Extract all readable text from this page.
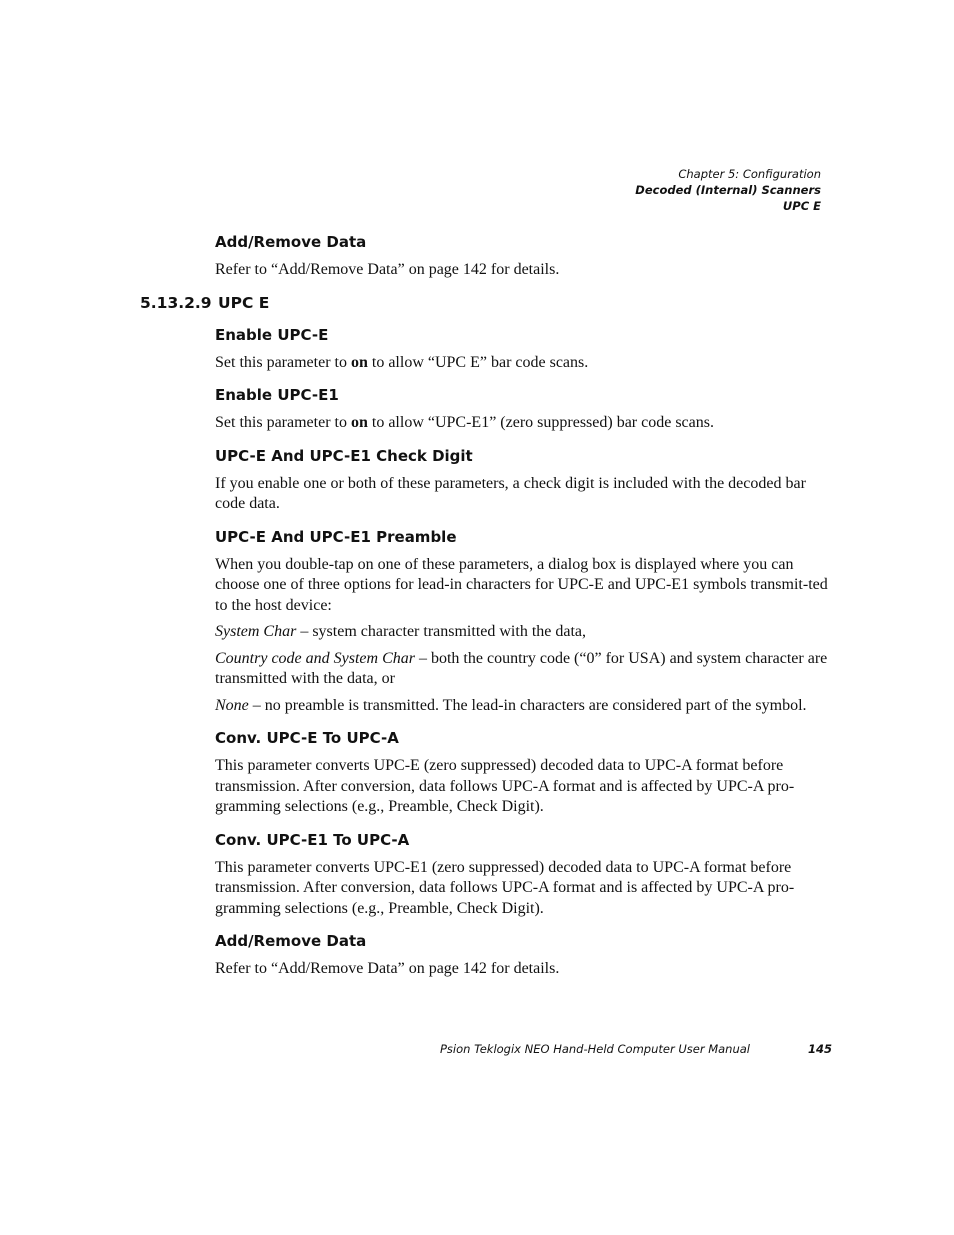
Chapter 5: Configuration
Decoded (Internal) Scanners
UPC E
Add/Remove Data
Refer to “Add/Remove Data” on page 142 for details.
5.13.2.9 UPC E
Enable UPC-E
Set this parameter to on to allow “UPC E” bar code scans.
Enable UPC-E1
Set this parameter to on to allow “UPC-E1” (zero suppressed) bar code scans.
UPC-E And UPC-E1 Check Digit
If you enable one or both of these parameters, a check digit is included with the decoded bar code data.
UPC-E And UPC-E1 Preamble
When you double-tap on one of these parameters, a dialog box is displayed where you can choose one of three options for lead-in characters for UPC-E and UPC-E1 symbols transmit-ted to the host device:
System Char – system character transmitted with the data,
Country code and System Char – both the country code (“0” for USA) and system character are transmitted with the data, or
None – no preamble is transmitted. The lead-in characters are considered part of the symbol.
Conv. UPC-E To UPC-A
This parameter converts UPC-E (zero suppressed) decoded data to UPC-A format before transmission. After conversion, data follows UPC-A format and is affected by UPC-A pro-gramming selections (e.g., Preamble, Check Digit).
Conv. UPC-E1 To UPC-A
This parameter converts UPC-E1 (zero suppressed) decoded data to UPC-A format before transmission. After conversion, data follows UPC-A format and is affected by UPC-A pro-gramming selections (e.g., Preamble, Check Digit).
Add/Remove Data
Refer to “Add/Remove Data” on page 142 for details.
Psion Teklogix NEO Hand-Held Computer User Manual	145
